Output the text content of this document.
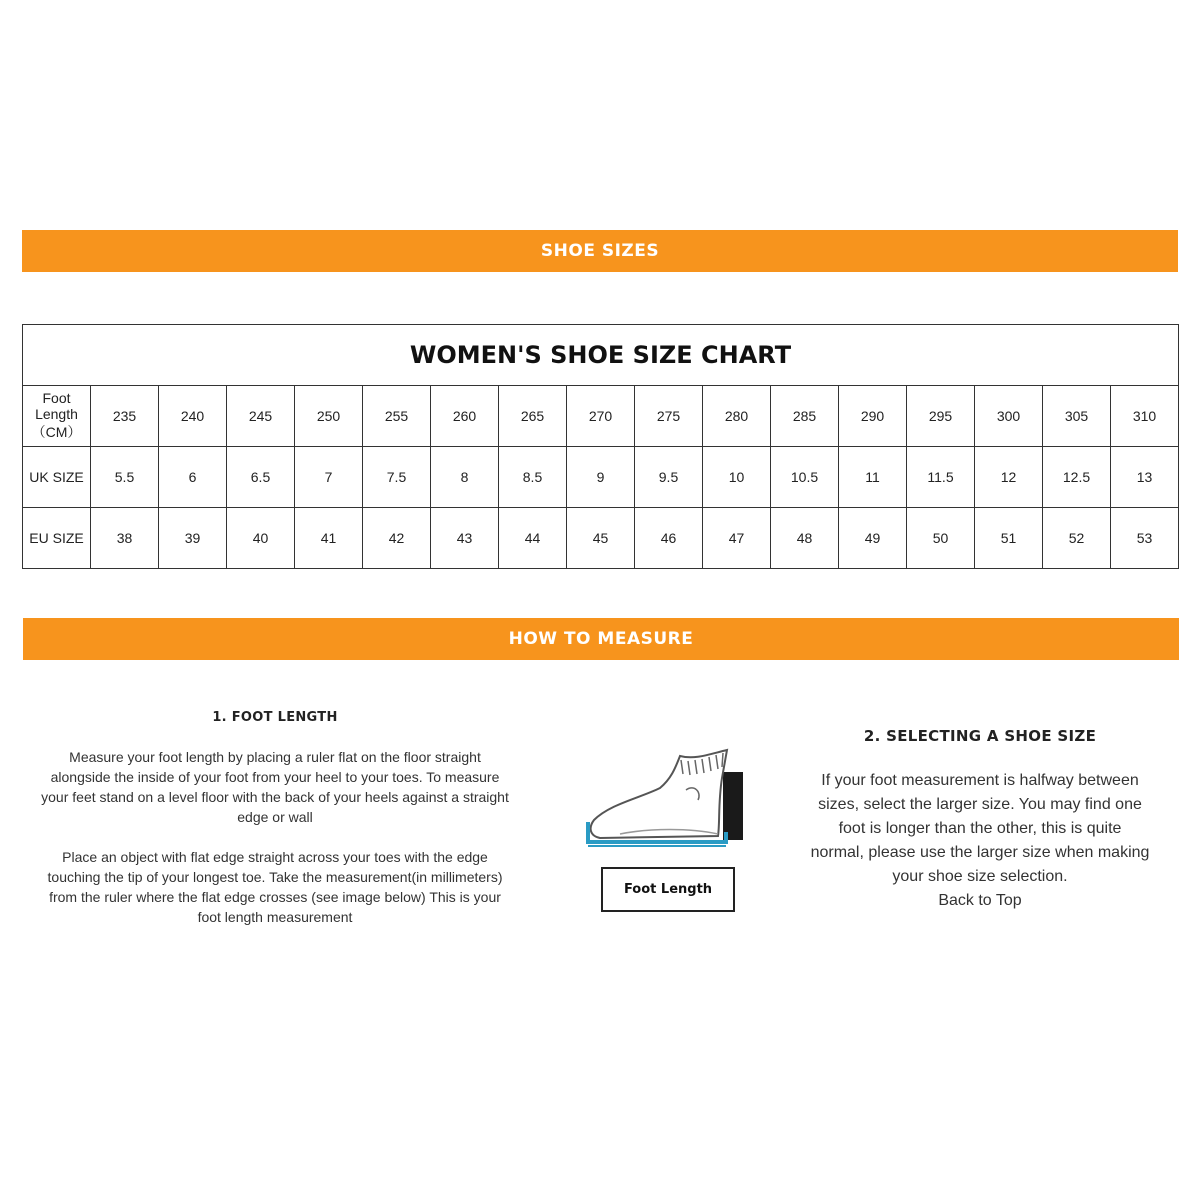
SHOE SIZES
WOMEN'S SHOE SIZE CHART																
Foot Length（CM）	235	240	245	250	255	260	265	270	275	280	285	290	295	300	305	310
UK SIZE	5.5	6	6.5	7	7.5	8	8.5	9	9.5	10	10.5	11	11.5	12	12.5	13
EU SIZE	38	39	40	41	42	43	44	45	46	47	48	49	50	51	52	53
HOW TO MEASURE
1. FOOT LENGTH

Measure your foot length by placing a ruler flat on the floor straight alongside the inside of your foot from your heel to your toes. To measure your feet stand on a level floor with the back of your heels against a straight edge or wall

Place an object with flat edge straight across your toes with the edge touching the tip of your longest toe. Take the measurement(in millimeters) from the ruler where the flat edge crosses (see image below) This is your foot length measurement

Foot Length
2. SELECTING A SHOE SIZE

If your foot measurement is halfway between sizes, select the larger size. You may find one foot is longer than the other, this is quite normal, please use the larger size when making your shoe size selection.

Back to Top
